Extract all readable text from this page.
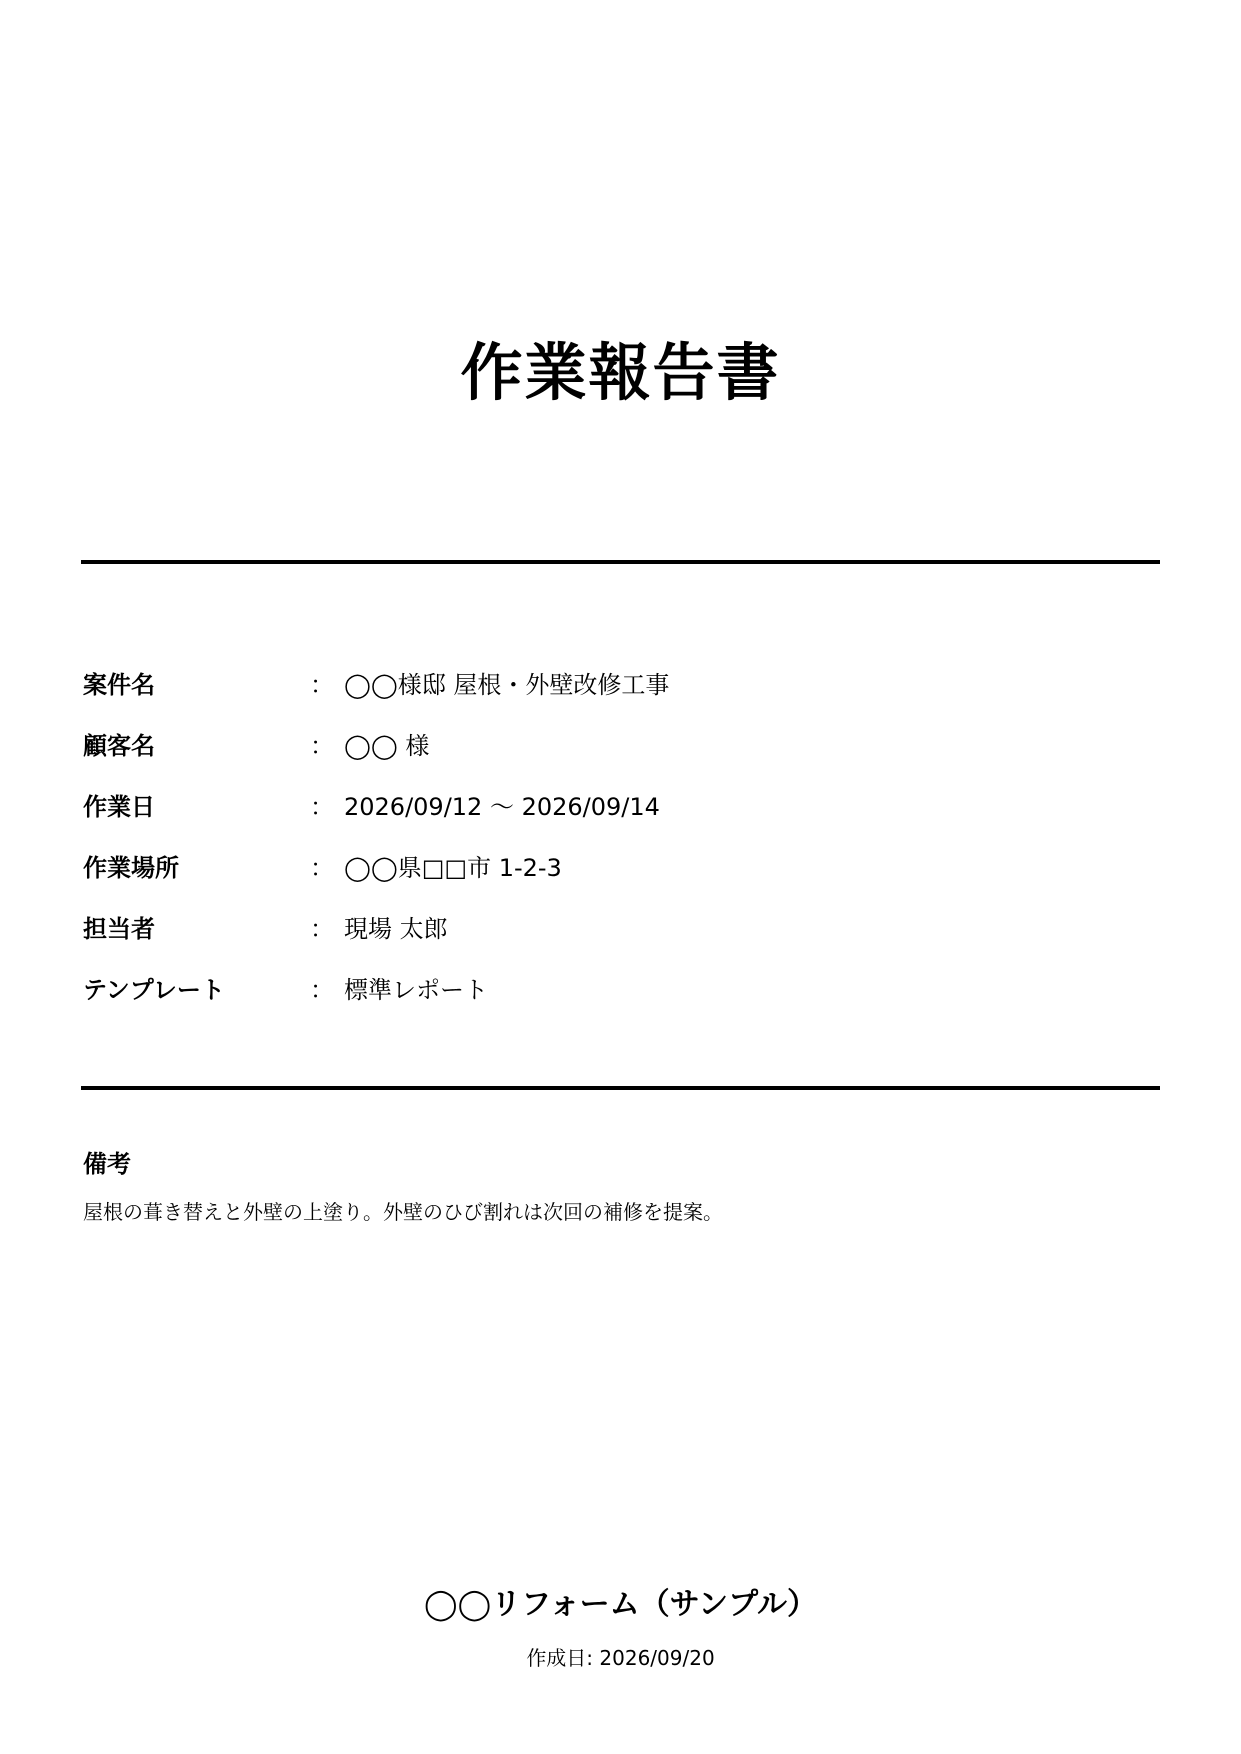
作業報告書
案件名	： ◯◯様邸 屋根・外壁改修工事
顧客名	： ◯◯ 様
作業日	： 2026/09/12 〜 2026/09/14
作業場所	： ◯◯県□□市 1-2-3
担当者	： 現場 太郎
テンプレート	： 標準レポート
備考

屋根の葺き替えと外壁の上塗り。外壁のひび割れは次回の補修を提案。

◯◯リフォーム（サンプル）

作成日: 2026/09/20
